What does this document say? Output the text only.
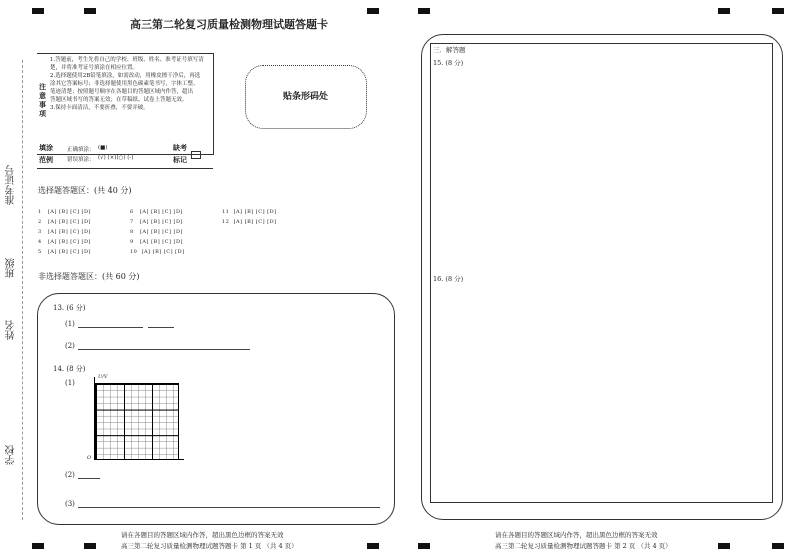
准考证号
班级
姓名
学校
高三第二轮复习质量检测物理试题答题卡
注意事项
1.答题前，考生先将自己的学校、班级、姓名、准考证号填写清
楚，并将准考证号填涂在相应位置。
2.选择题使用2B铅笔填涂，如需改动，用橡皮擦干净后，再选
涂其它答案标号；非选择题使用黑色碳素笔书写，字体工整、
笔迹清楚；按照题号顺序在各题目的答题区域内作答，超出
答题区域书写的答案无效；在草稿纸、试卷上答题无效。
3.保持卡面清洁，不要折叠，不要弄破。
贴条形码处
填涂
范例
正确填涂： (■)
错误填涂： (√) (×)(○) (-)
缺考
标记
选择题答题区：(共 40 分)
1 [A] [B] [C] [D]
2 [A] [B] [C] [D]
3 [A] [B] [C] [D]
4 [A] [B] [C] [D]
5 [A] [B] [C] [D]
6 [A] [B] [C] [D]
7 [A] [B] [C] [D]
8 [A] [B] [C] [D]
9 [A] [B] [C] [D]
10 [A] [B] [C] [D]
11 [A] [B] [C] [D]
12 [A] [B] [C] [D]
非选择题答题区：(共 60 分)
13. (6 分)
(1)
(2)
14. (8 分)
(1)
U/V
O
(2)
(3)
请在各题目的答题区域内作答，超出黑色边框的答案无效
高三第二轮复习质量检测物理试题答题卡 第 1 页 （共 4 页）
三．解答题
15. (8 分)
16. (8 分)
请在各题目的答题区域内作答，超出黑色边框的答案无效
高三第二轮复习质量检测物理试题答题卡 第 2 页 （共 4 页）
